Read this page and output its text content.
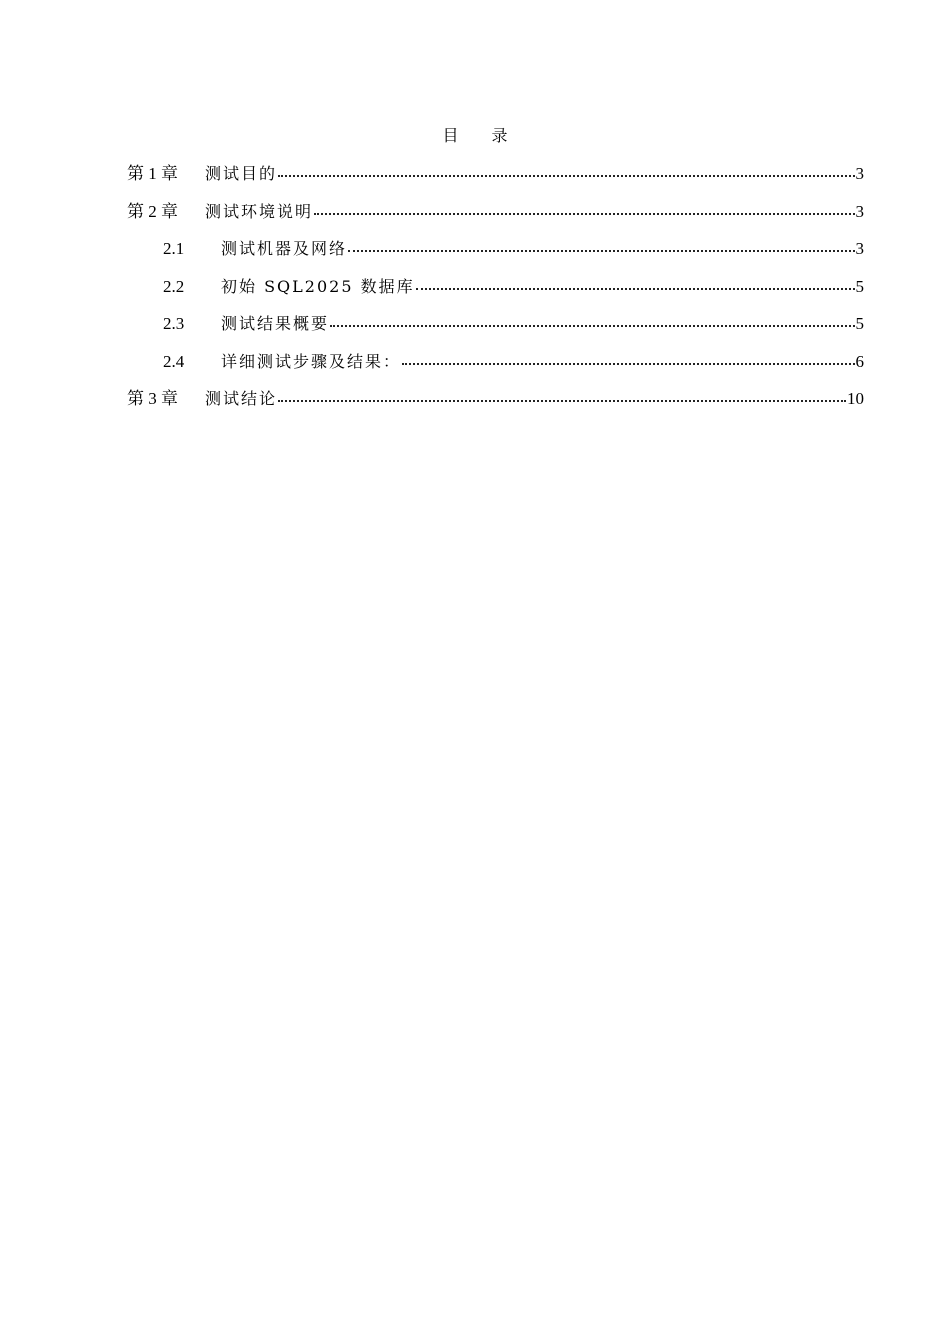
目 录
第 1 章	测试目的	3
第 2 章	测试环境说明	3
2.1	测试机器及网络	3
2.2	初始 SQL2025 数据库	5
2.3	测试结果概要	5
2.4	详细测试步骤及结果：	6
第 3 章	测试结论	10
